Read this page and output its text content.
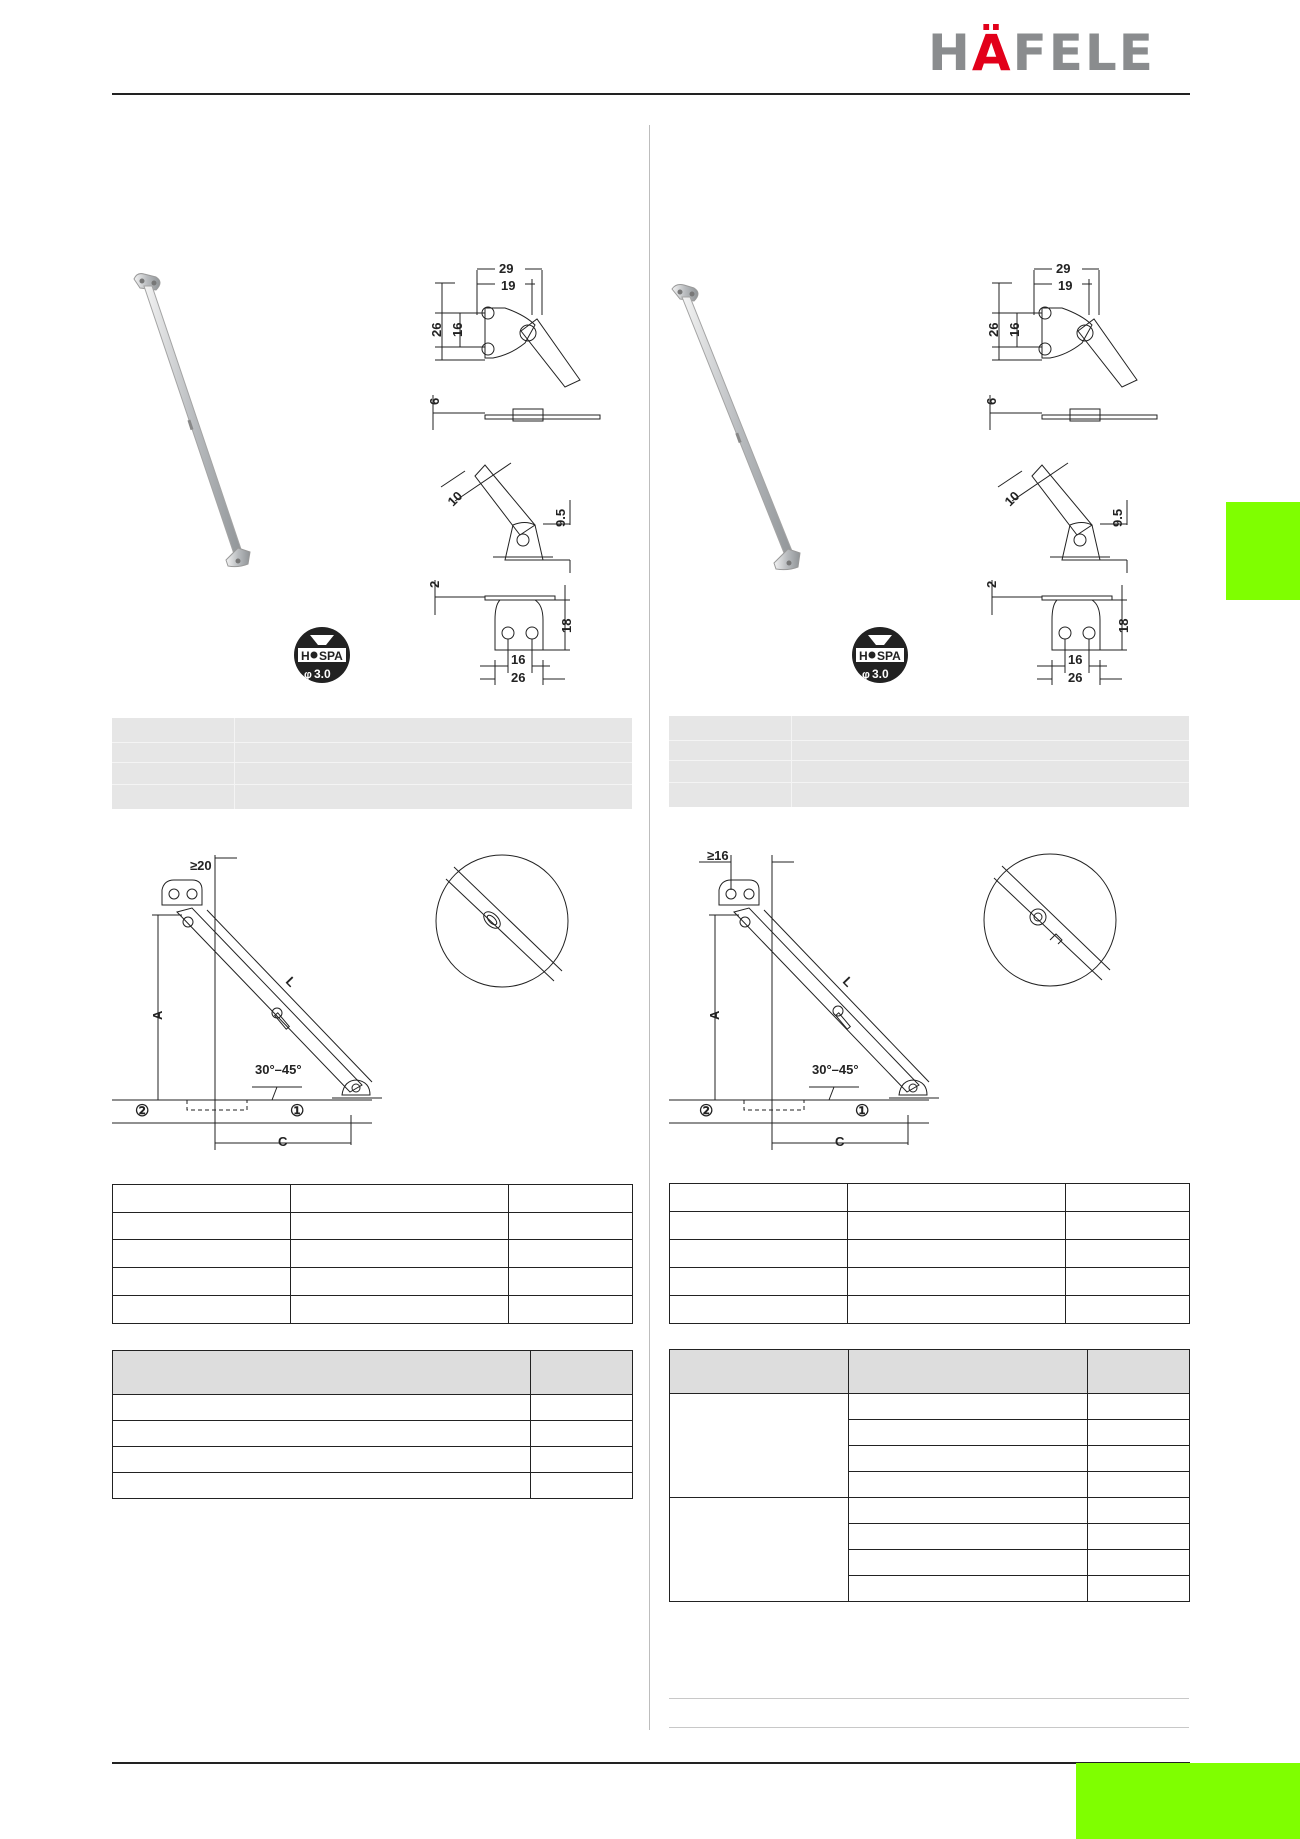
HÄFELE
29
19
26 16
6
10
9.5
2
18
16
26
H SPA
φ 3.0
≥20
L
A
30°–45°
C
②	①

29
19
26 16
6
10
9.5
2
18
16
26
H SPA
φ 3.0
≥16
L
A
30°–45°
C
②	①
